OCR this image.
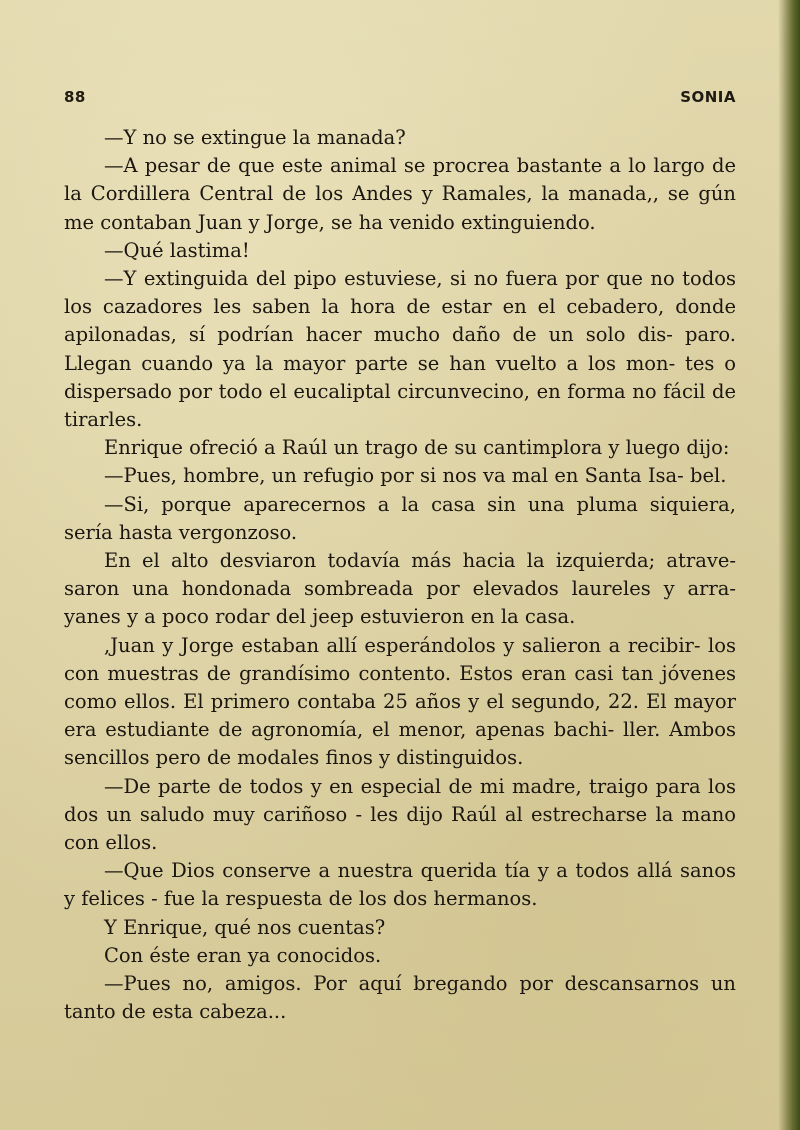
88	SONIA

—Y no se extingue la manada?

—A pesar de que este animal se procrea bastante a lo largo de la Cordillera Central de los Andes y Ramales, la manada,, se gún me contaban Juan y Jorge, se ha venido extinguiendo.

—Qué lastima!

—Y extinguida del pipo estuviese, si no fuera por que no todos los cazadores les saben la hora de estar en el cebadero, donde apilonadas, sí podrían hacer mucho daño de un solo dis- paro. Llegan cuando ya la mayor parte se han vuelto a los mon- tes o dispersado por todo el eucaliptal circunvecino, en forma no fácil de tirarles.

Enrique ofreció a Raúl un trago de su cantimplora y luego dijo:

—Pues, hombre, un refugio por si nos va mal en Santa Isa- bel.

—Si, porque aparecernos a la casa sin una pluma siquiera, sería hasta vergonzoso.

En el alto desviaron todavía más hacia la izquierda; atrave- saron una hondonada sombreada por elevados laureles y arra- yanes y a poco rodar del jeep estuvieron en la casa.

,Juan y Jorge estaban allí esperándolos y salieron a recibir- los con muestras de grandísimo contento. Estos eran casi tan jóvenes como ellos. El primero contaba 25 años y el segundo, 22. El mayor era estudiante de agronomía, el menor, apenas bachi- ller. Ambos sencillos pero de modales finos y distinguidos.

—De parte de todos y en especial de mi madre, traigo para los dos un saludo muy cariñoso - les dijo Raúl al estrecharse la mano con ellos.

—Que Dios conserve a nuestra querida tía y a todos allá sanos y felices - fue la respuesta de los dos hermanos.

Y Enrique, qué nos cuentas?

Con éste eran ya conocidos.

—Pues no, amigos. Por aquí bregando por descansarnos un tanto de esta cabeza...
